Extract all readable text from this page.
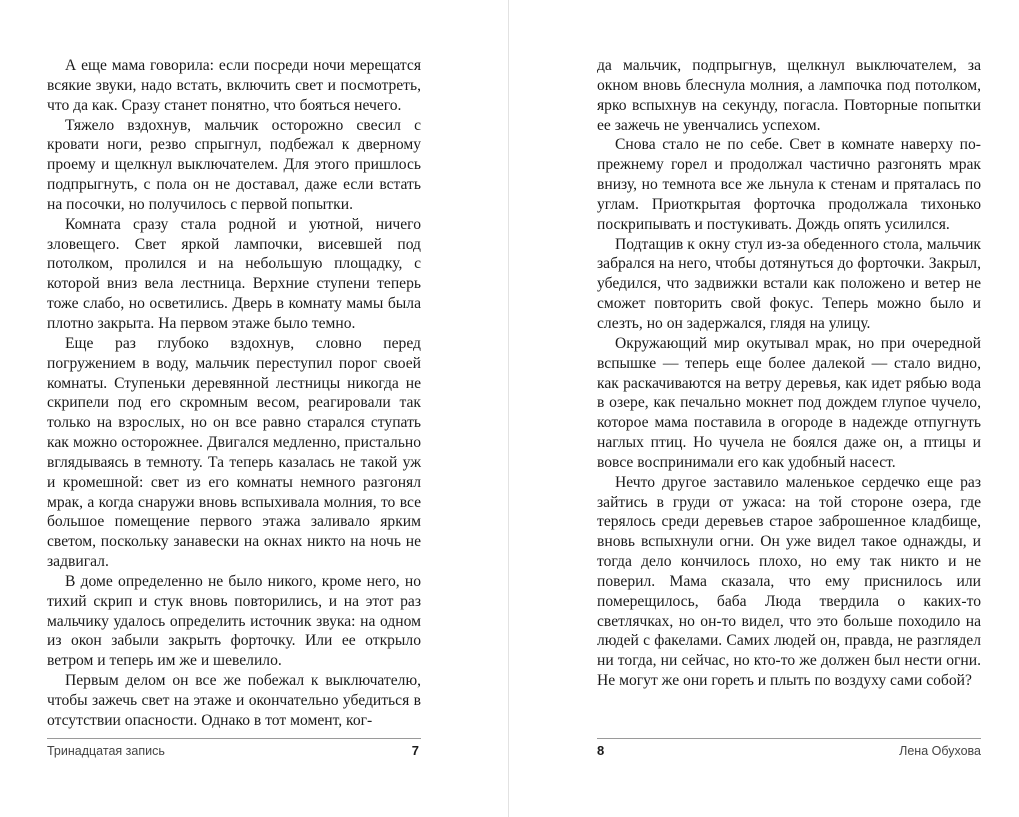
А еще мама говорила: если посреди ночи мерещатся всякие звуки, надо встать, включить свет и посмотреть, что да как. Сразу станет понятно, что бояться нечего.

Тяжело вздохнув, мальчик осторожно свесил с кровати ноги, резво спрыгнул, подбежал к дверному проему и щелкнул выключателем. Для этого пришлось подпрыгнуть, с пола он не доставал, даже если встать на посочки, но получилось с первой попытки.

Комната сразу стала родной и уютной, ничего зловещего. Свет яркой лампочки, висевшей под потолком, пролился и на небольшую площадку, с которой вниз вела лестница. Верхние ступени теперь тоже слабо, но осветились. Дверь в комнату мамы была плотно закрыта. На первом этаже было темно.

Еще раз глубоко вздохнув, словно перед погружением в воду, мальчик переступил порог своей комнаты. Ступеньки деревянной лестницы никогда не скрипели под его скромным весом, реагировали так только на взрослых, но он все равно старался ступать как можно осторожнее. Двигался медленно, пристально вглядываясь в темноту. Та теперь казалась не такой уж и кромешной: свет из его комнаты немного разгонял мрак, а когда снаружи вновь вспыхивала молния, то все большое помещение первого этажа заливало ярким светом, поскольку занавески на окнах никто на ночь не задвигал.

В доме определенно не было никого, кроме него, но тихий скрип и стук вновь повторились, и на этот раз мальчику удалось определить источник звука: на одном из окон забыли закрыть форточку. Или ее открыло ветром и теперь им же и шевелило.

Первым делом он все же побежал к выключателю, чтобы зажечь свет на этаже и окончательно убедиться в отсутствии опасности. Однако в тот момент, ког-

Тринадцатая запись	7

да мальчик, подпрыгнув, щелкнул выключателем, за окном вновь блеснула молния, а лампочка под потолком, ярко вспыхнув на секунду, погасла. Повторные попытки ее зажечь не увенчались успехом.

Снова стало не по себе. Свет в комнате наверху по-прежнему горел и продолжал частично разгонять мрак внизу, но темнота все же льнула к стенам и пряталась по углам. Приоткрытая форточка продолжала тихонько поскрипывать и постукивать. Дождь опять усилился.

Подтащив к окну стул из-за обеденного стола, мальчик забрался на него, чтобы дотянуться до форточки. Закрыл, убедился, что задвижки встали как положено и ветер не сможет повторить свой фокус. Теперь можно было и слезть, но он задержался, глядя на улицу.

Окружающий мир окутывал мрак, но при очередной вспышке — теперь еще более далекой — стало видно, как раскачиваются на ветру деревья, как идет рябью вода в озере, как печально мокнет под дождем глупое чучело, которое мама поставила в огороде в надежде отпугнуть наглых птиц. Но чучела не боялся даже он, а птицы и вовсе воспринимали его как удобный насест.

Нечто другое заставило маленькое сердечко еще раз зайтись в груди от ужаса: на той стороне озера, где терялось среди деревьев старое заброшенное кладбище, вновь вспыхнули огни. Он уже видел такое однажды, и тогда дело кончилось плохо, но ему так никто и не поверил. Мама сказала, что ему приснилось или померещилось, баба Люда твердила о каких-то светлячках, но он-то видел, что это больше походило на людей с факелами. Самих людей он, правда, не разглядел ни тогда, ни сейчас, но кто-то же должен был нести огни. Не могут же они гореть и плыть по воздуху сами собой?

8	Лена Обухова
